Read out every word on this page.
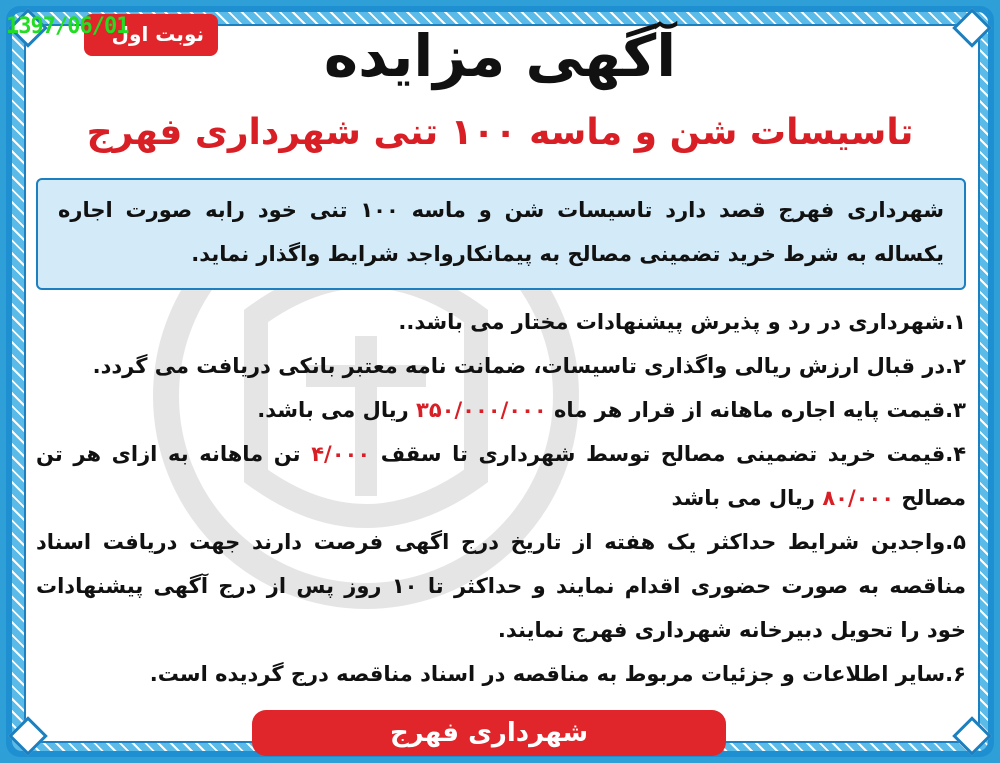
نوبت اول
1397/06/01	آگهی مزایده
تاسیسات شن و ماسه ۱۰۰ تنی شهرداری فهرج
شهرداری فهرج قصد دارد تاسیسات شن و ماسه ۱۰۰ تنی خود رابه صورت اجاره یکساله به شرط خرید تضمینی مصالح به پیمانکارواجد شرایط واگذار نماید.

۱.شهرداری در رد و پذیرش پیشنهادات مختار می باشد..

۲.در قبال ارزش ریالی واگذاری تاسیسات، ضمانت نامه معتبر بانکی دریافت می گردد.

۳.قیمت پایه اجاره ماهانه از قرار هر ماه ۳۵۰/۰۰۰/۰۰۰ ریال می باشد.

۴.قیمت خرید تضمینی مصالح توسط شهرداری تا سقف ۴/۰۰۰ تن ماهانه به ازای هر تن مصالح ۸۰/۰۰۰ ریال می باشد

۵.واجدین شرایط حداکثر یک هفته از تاریخ درج اگهی فرصت دارند جهت دریافت اسناد مناقصه به صورت حضوری اقدام نمایند و حداکثر تا ۱۰ روز پس از درج آگهی پیشنهادات خود را تحویل دبیرخانه شهرداری فهرج نمایند.

۶.سایر اطلاعات و جزئیات مربوط به مناقصه در اسناد مناقصه درج گردیده است.

شهرداری فهرج
